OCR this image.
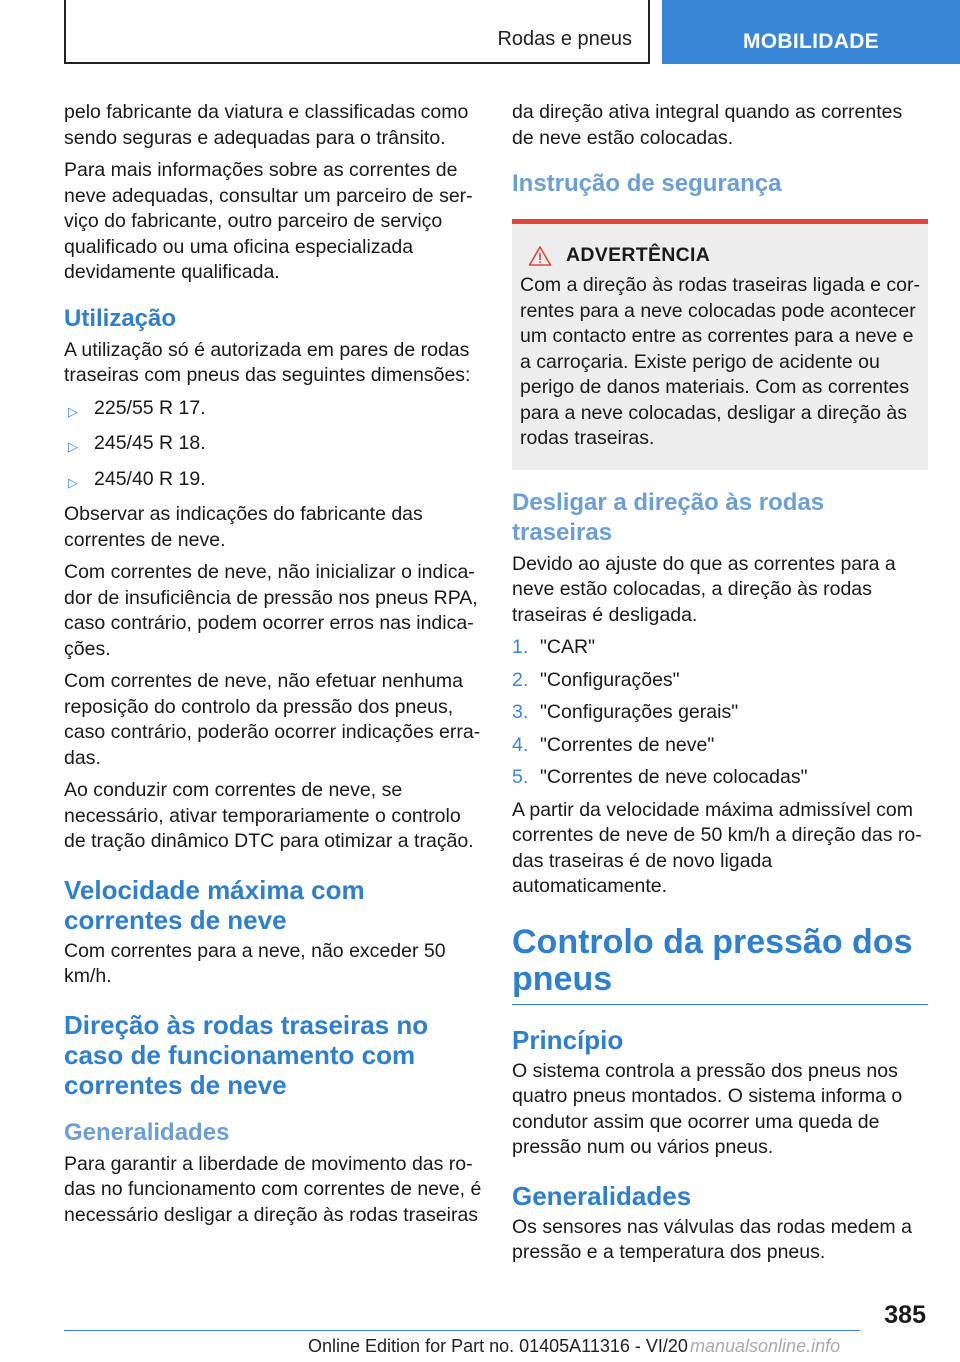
Rodas e pneus	MOBILIDADE

pelo fabricante da viatura e classificadas como sendo seguras e adequadas para o trânsito.

Para mais informações sobre as correntes de neve adequadas, consultar um parceiro de serviço do fabricante, outro parceiro de serviço qualificado ou uma oficina especializada devidamente qualificada.

Utilização

A utilização só é autorizada em pares de rodas traseiras com pneus das seguintes dimensões:

▷ 225/55 R 17.
▷ 245/45 R 18.
▷ 245/40 R 19.

Observar as indicações do fabricante das correntes de neve.

Com correntes de neve, não inicializar o indicador de insuficiência de pressão nos pneus RPA, caso contrário, podem ocorrer erros nas indicações.

Com correntes de neve, não efetuar nenhuma reposição do controlo da pressão dos pneus, caso contrário, poderão ocorrer indicações erradas.

Ao conduzir com correntes de neve, se necessário, ativar temporariamente o controlo de tração dinâmico DTC para otimizar a tração.

Velocidade máxima com correntes de neve

Com correntes para a neve, não exceder 50 km/h.

Direção às rodas traseiras no caso de funcionamento com correntes de neve
Generalidades

Para garantir a liberdade de movimento das rodas no funcionamento com correntes de neve, é necessário desligar a direção às rodas traseiras

da direção ativa integral quando as correntes de neve estão colocadas.

Instrução de segurança
ADVERTÊNCIA

Com a direção às rodas traseiras ligada e correntes para a neve colocadas pode acontecer um contacto entre as correntes para a neve e a carroçaria. Existe perigo de acidente ou perigo de danos materiais. Com as correntes para a neve colocadas, desligar a direção às rodas traseiras.

Desligar a direção às rodas traseiras

Devido ao ajuste do que as correntes para a neve estão colocadas, a direção às rodas traseiras é desligada.

1. "CAR"
2. "Configurações"
3. "Configurações gerais"
4. "Correntes de neve"
5. "Correntes de neve colocadas"

A partir da velocidade máxima admissível com correntes de neve de 50 km/h a direção das rodas traseiras é de novo ligada automaticamente.

Controlo da pressão dos pneus
Princípio

O sistema controla a pressão dos pneus nos quatro pneus montados. O sistema informa o condutor assim que ocorrer uma queda de pressão num ou vários pneus.

Generalidades

Os sensores nas válvulas das rodas medem a pressão e a temperatura dos pneus.

385
Online Edition for Part no. 01405A11316 - VI/20 manualsonline.info
